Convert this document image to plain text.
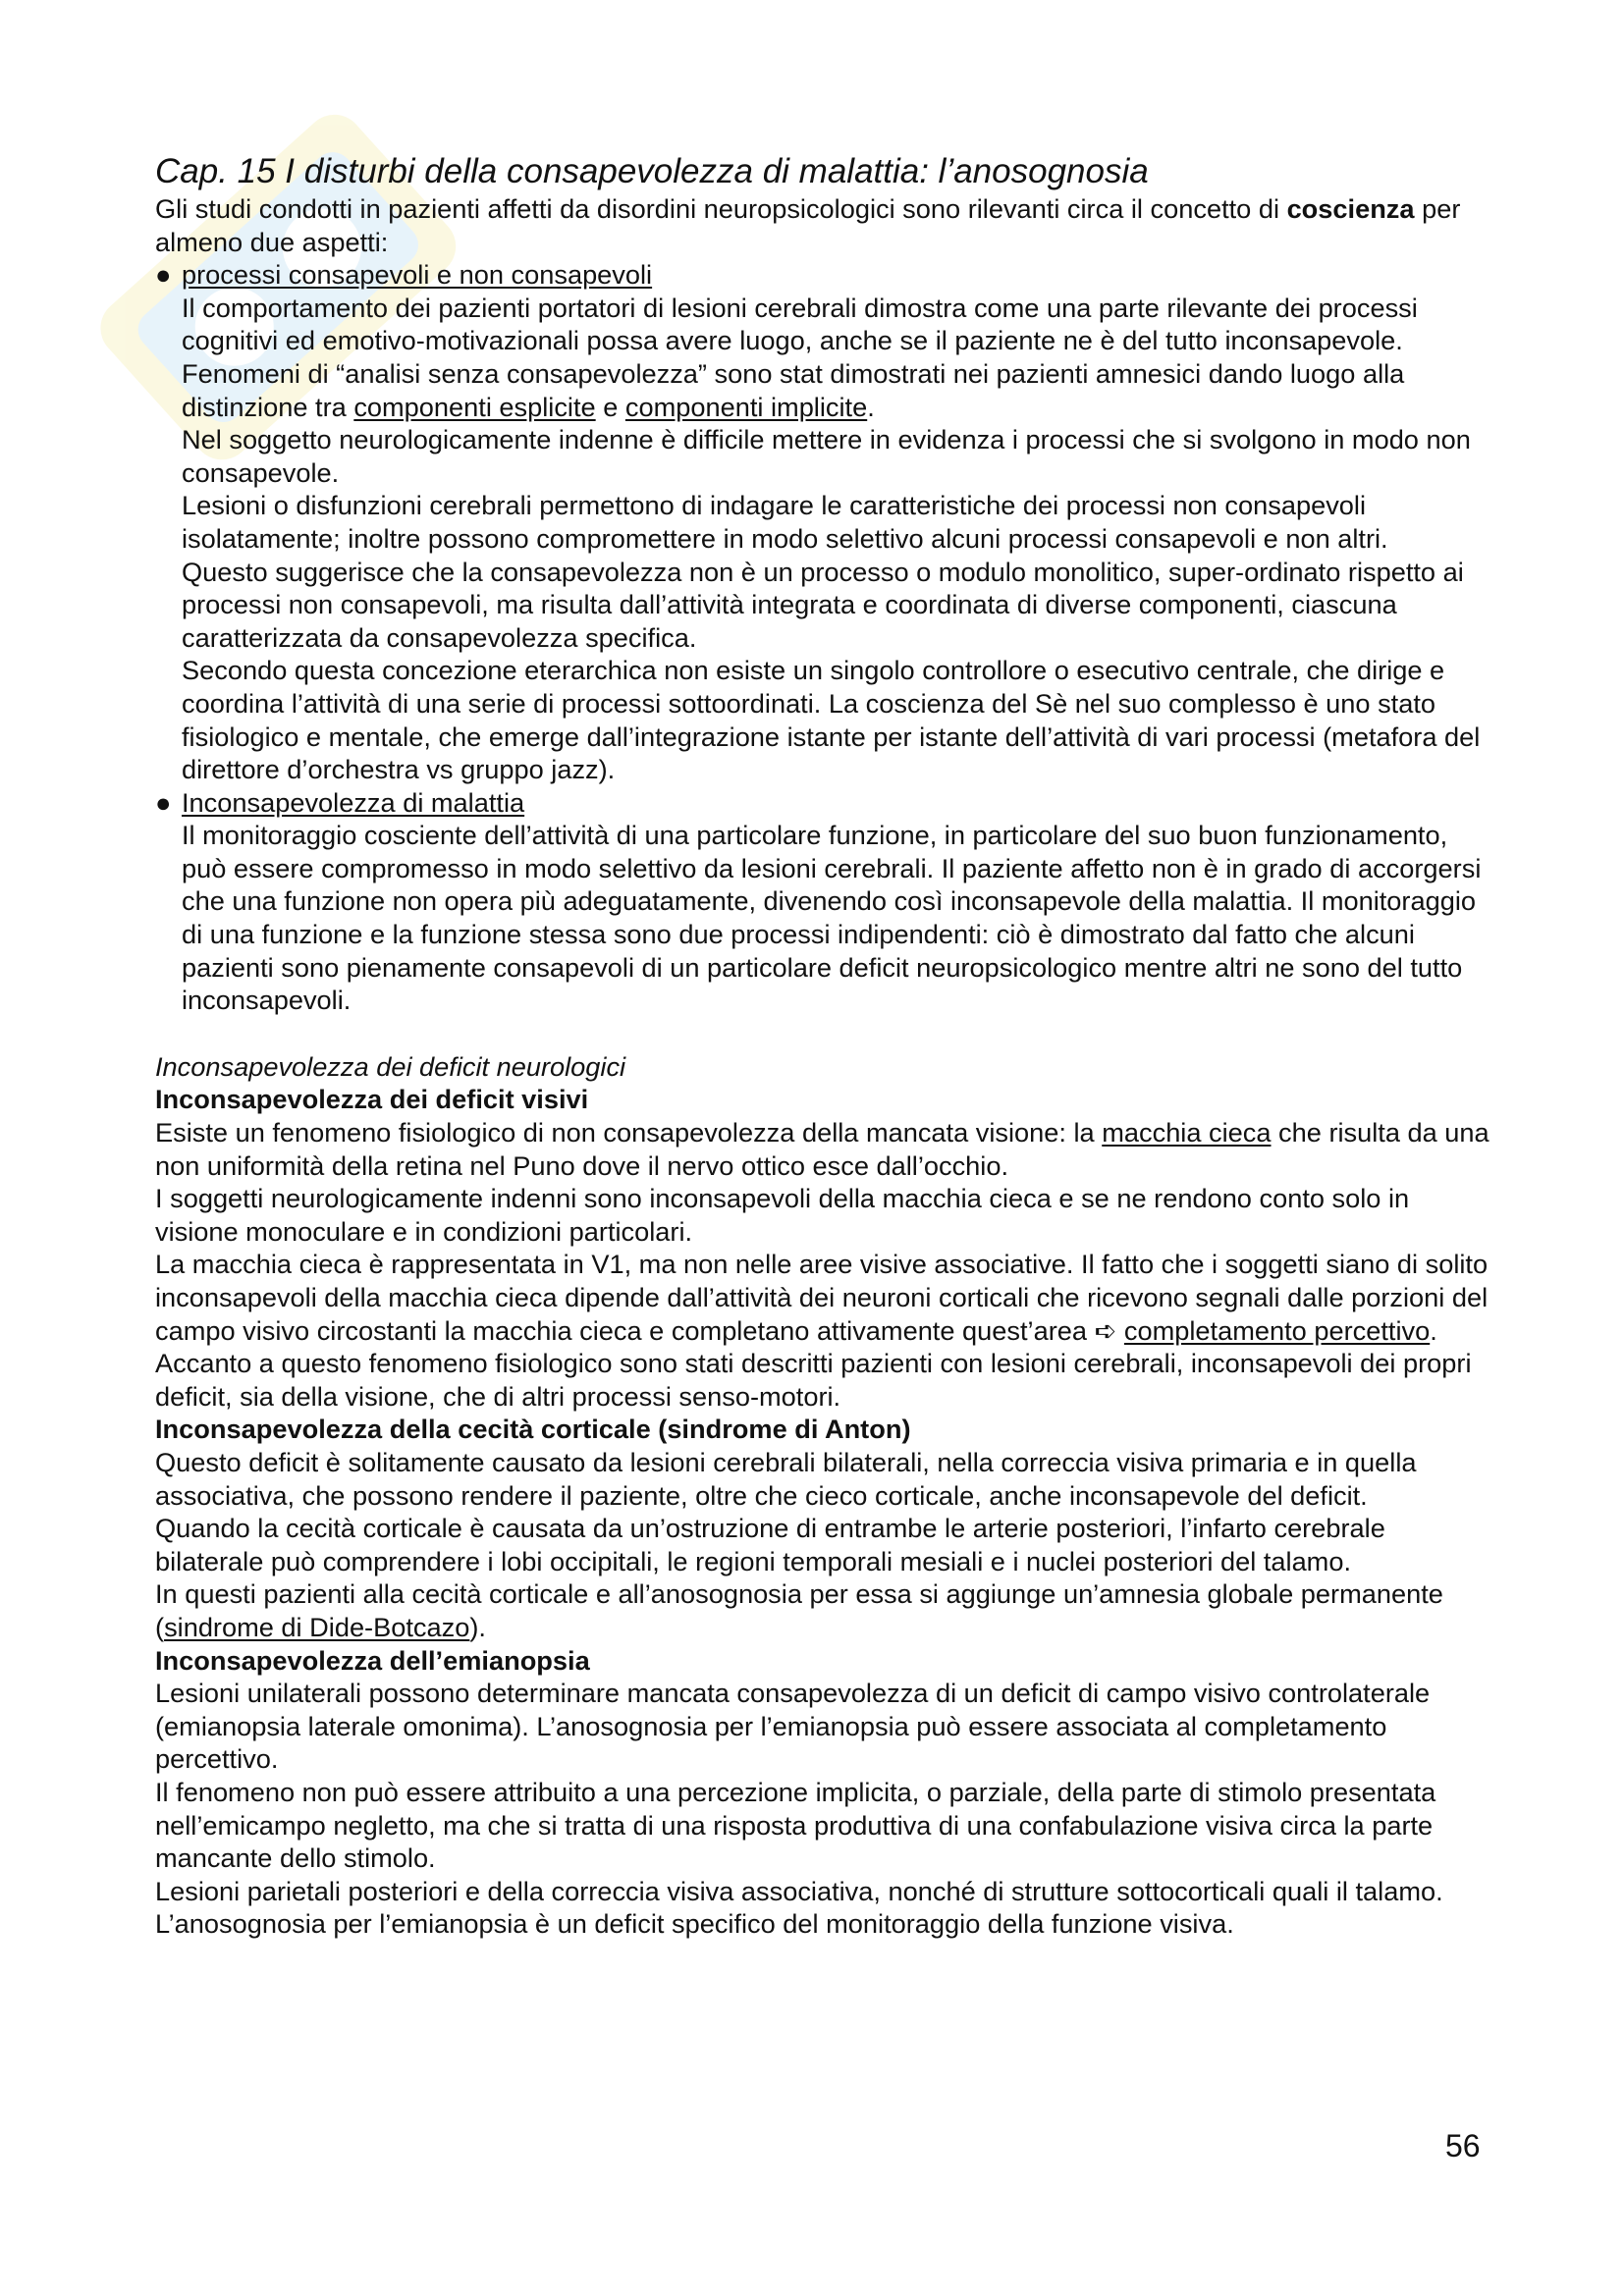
Cap. 15 I disturbi della consapevolezza di malattia: l’anosognosia

Gli studi condotti in pazienti affetti da disordini neuropsicologici sono rilevanti circa il concetto di coscienza per almeno due aspetti:

● processi consapevoli e non consapevoli

Il comportamento dei pazienti portatori di lesioni cerebrali dimostra come una parte rilevante dei processi cognitivi ed emotivo-motivazionali possa avere luogo, anche se il paziente ne è del tutto inconsapevole. Fenomeni di “analisi senza consapevolezza” sono stat dimostrati nei pazienti amnesici dando luogo alla distinzione tra componenti esplicite e componenti implicite.

Nel soggetto neurologicamente indenne è difficile mettere in evidenza i processi che si svolgono in modo non consapevole.

Lesioni o disfunzioni cerebrali permettono di indagare le caratteristiche dei processi non consapevoli isolatamente; inoltre possono compromettere in modo selettivo alcuni processi consapevoli e non altri.

Questo suggerisce che la consapevolezza non è un processo o modulo monolitico, super-ordinato rispetto ai processi non consapevoli, ma risulta dall’attività integrata e coordinata di diverse componenti, ciascuna caratterizzata da consapevolezza specifica.

Secondo questa concezione eterarchica non esiste un singolo controllore o esecutivo centrale, che dirige e coordina l’attività di una serie di processi sottoordinati. La coscienza del Sè nel suo complesso è uno stato fisiologico e mentale, che emerge dall’integrazione istante per istante dell’attività di vari processi (metafora del direttore d’orchestra vs gruppo jazz).

● Inconsapevolezza di malattia

Il monitoraggio cosciente dell’attività di una particolare funzione, in particolare del suo buon funzionamento, può essere compromesso in modo selettivo da lesioni cerebrali. Il paziente affetto non è in grado di accorgersi che una funzione non opera più adeguatamente, divenendo così inconsapevole della malattia. Il monitoraggio di una funzione e la funzione stessa sono due processi indipendenti: ciò è dimostrato dal fatto che alcuni pazienti sono pienamente consapevoli di un particolare deficit neuropsicologico mentre altri ne sono del tutto inconsapevoli.

Inconsapevolezza dei deficit neurologici

Inconsapevolezza dei deficit visivi

Esiste un fenomeno fisiologico di non consapevolezza della mancata visione: la macchia cieca che risulta da una non uniformità della retina nel Puno dove il nervo ottico esce dall’occhio.

I soggetti neurologicamente indenni sono inconsapevoli della macchia cieca e se ne rendono conto solo in visione monoculare e in condizioni particolari.

La macchia cieca è rappresentata in V1, ma non nelle aree visive associative. Il fatto che i soggetti siano di solito inconsapevoli della macchia cieca dipende dall’attività dei neuroni corticali che ricevono segnali dalle porzioni del campo visivo circostanti la macchia cieca e completano attivamente quest’area ➪ completamento percettivo.

Accanto a questo fenomeno fisiologico sono stati descritti pazienti con lesioni cerebrali, inconsapevoli dei propri deficit, sia della visione, che di altri processi senso-motori.

Inconsapevolezza della cecità corticale (sindrome di Anton)

Questo deficit è solitamente causato da lesioni cerebrali bilaterali, nella correccia visiva primaria e in quella associativa, che possono rendere il paziente, oltre che cieco corticale, anche inconsapevole del deficit.

Quando la cecità corticale è causata da un’ostruzione di entrambe le arterie posteriori, l’infarto cerebrale bilaterale può comprendere i lobi occipitali, le regioni temporali mesiali e i nuclei posteriori del talamo.

In questi pazienti alla cecità corticale e all’anosognosia per essa si aggiunge un’amnesia globale permanente (sindrome di Dide-Botcazo).

Inconsapevolezza dell’emianopsia

Lesioni unilaterali possono determinare mancata consapevolezza di un deficit di campo visivo controlaterale (emianopsia laterale omonima). L’anosognosia per l’emianopsia può essere associata al completamento percettivo.

Il fenomeno non può essere attribuito a una percezione implicita, o parziale, della parte di stimolo presentata nell’emicampo negletto, ma che si tratta di una risposta produttiva di una confabulazione visiva circa la parte mancante dello stimolo.

Lesioni parietali posteriori e della correccia visiva associativa, nonché di strutture sottocorticali quali il talamo. L’anosognosia per l’emianopsia è un deficit specifico del monitoraggio della funzione visiva.

56
